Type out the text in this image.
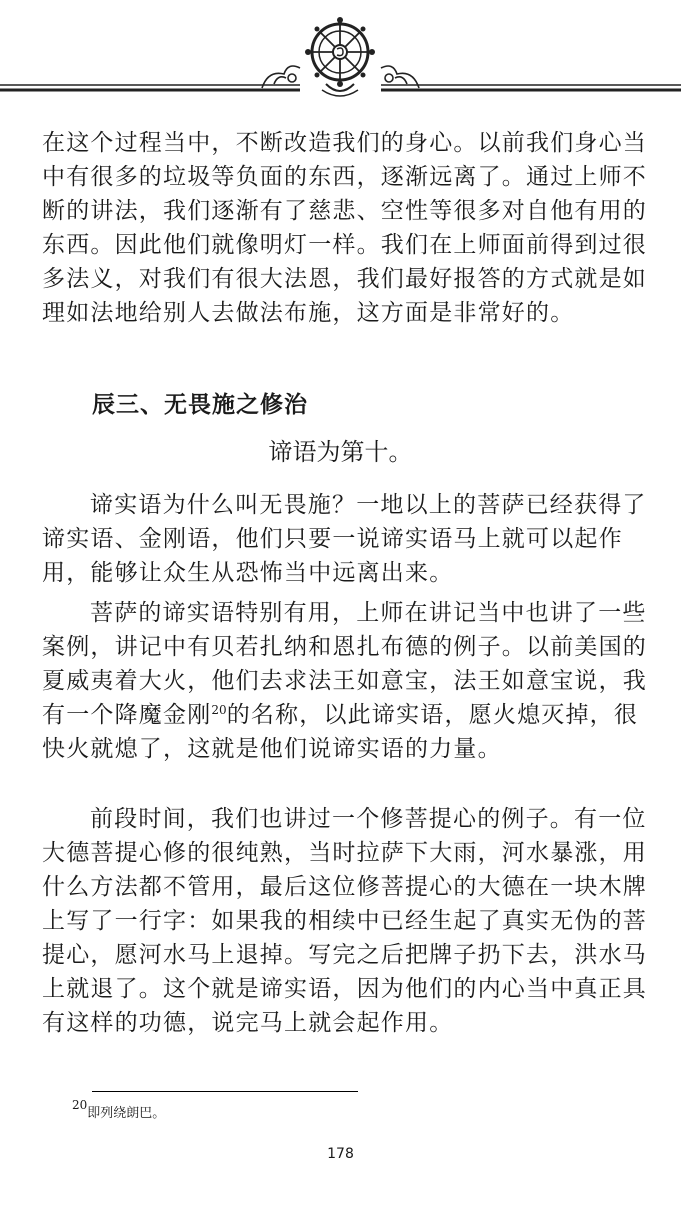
在这个过程当中，不断改造我们的身心。以前我们身心当中有很多的垃圾等负面的东西，逐渐远离了。通过上师不断的讲法，我们逐渐有了慈悲、空性等很多对自他有用的东西。因此他们就像明灯一样。我们在上师面前得到过很多法义，对我们有很大法恩，我们最好报答的方式就是如理如法地给别人去做法布施，这方面是非常好的。

辰三、无畏施之修治

谛语为第十。

谛实语为什么叫无畏施？一地以上的菩萨已经获得了谛实语、金刚语，他们只要一说谛实语马上就可以起作用，能够让众生从恐怖当中远离出来。

菩萨的谛实语特别有用，上师在讲记当中也讲了一些案例，讲记中有贝若扎纳和恩扎布德的例子。以前美国的夏威夷着大火，他们去求法王如意宝，法王如意宝说，我有一个降魔金刚$^{20}$的名称，以此谛实语，愿火熄灭掉，很快火就熄了，这就是他们说谛实语的力量。

前段时间，我们也讲过一个修菩提心的例子。有一位大德菩提心修的很纯熟，当时拉萨下大雨，河水暴涨，用什么方法都不管用，最后这位修菩提心的大德在一块木牌上写了一行字：如果我的相续中已经生起了真实无伪的菩提心，愿河水马上退掉。写完之后把牌子扔下去，洪水马上就退了。这个就是谛实语，因为他们的内心当中真正具有这样的功德，说完马上就会起作用。

$^{20}$即列绕朗巴。

178
